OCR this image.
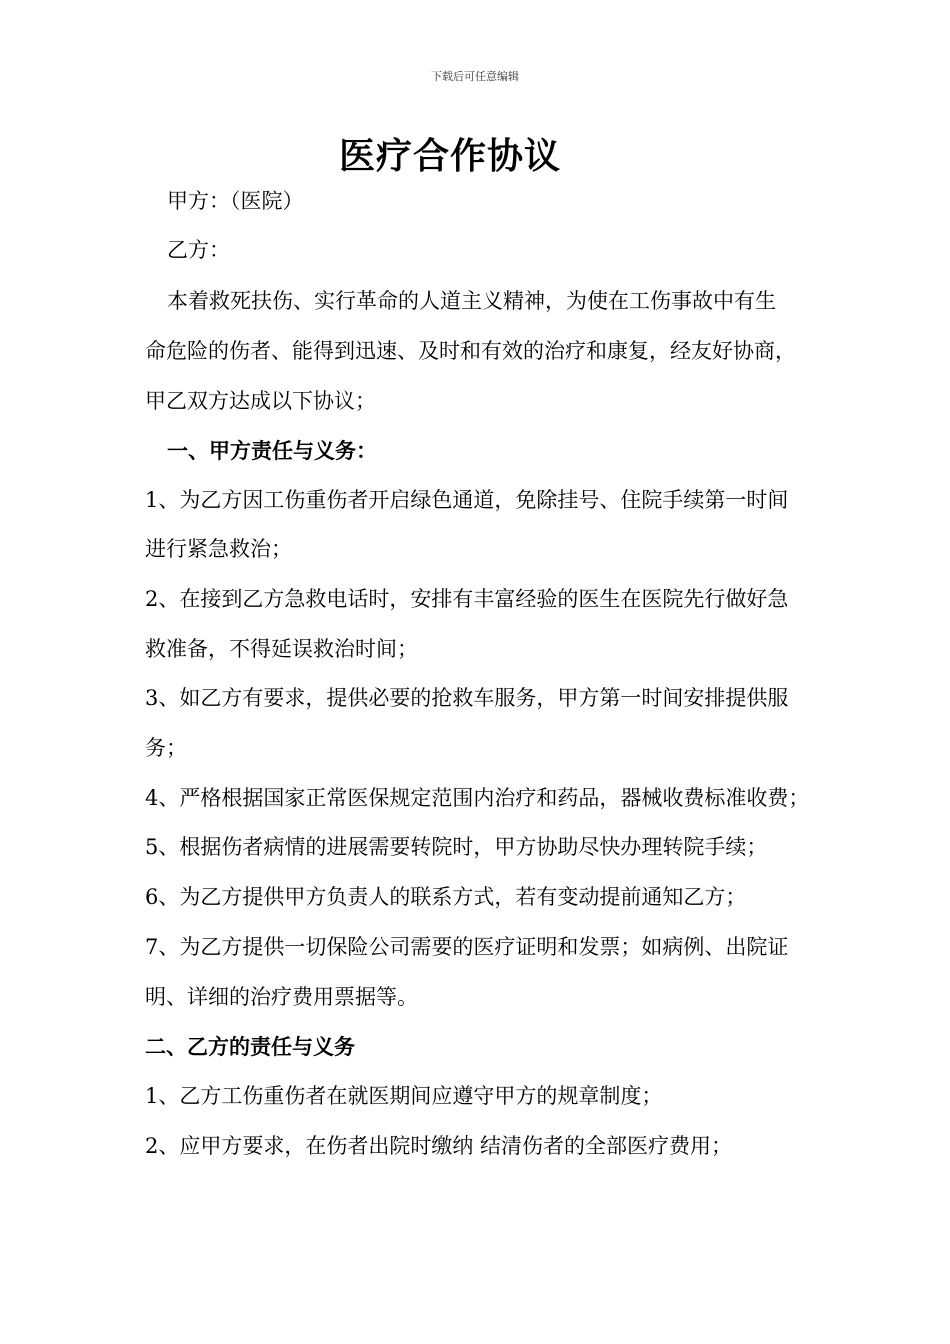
下载后可任意编辑
医疗合作协议
甲方：（医院）
乙方：
本着救死扶伤、实行革命的人道主义精神，为使在工伤事故中有生
命危险的伤者、能得到迅速、及时和有效的治疗和康复，经友好协商，
甲乙双方达成以下协议；
一、甲方责任与义务：
1、为乙方因工伤重伤者开启绿色通道，免除挂号、住院手续第一时间
进行紧急救治；
2、在接到乙方急救电话时，安排有丰富经验的医生在医院先行做好急
救准备，不得延误救治时间；
3、如乙方有要求，提供必要的抢救车服务，甲方第一时间安排提供服
务；
4、严格根据国家正常医保规定范围内治疗和药品，器械收费标准收费；
5、根据伤者病情的进展需要转院时，甲方协助尽快办理转院手续；
6、为乙方提供甲方负责人的联系方式，若有变动提前通知乙方；
7、为乙方提供一切保险公司需要的医疗证明和发票；如病例、出院证
明、详细的治疗费用票据等。
二、乙方的责任与义务
1、乙方工伤重伤者在就医期间应遵守甲方的规章制度；
2、应甲方要求，在伤者出院时缴纳 结清伤者的全部医疗费用；
